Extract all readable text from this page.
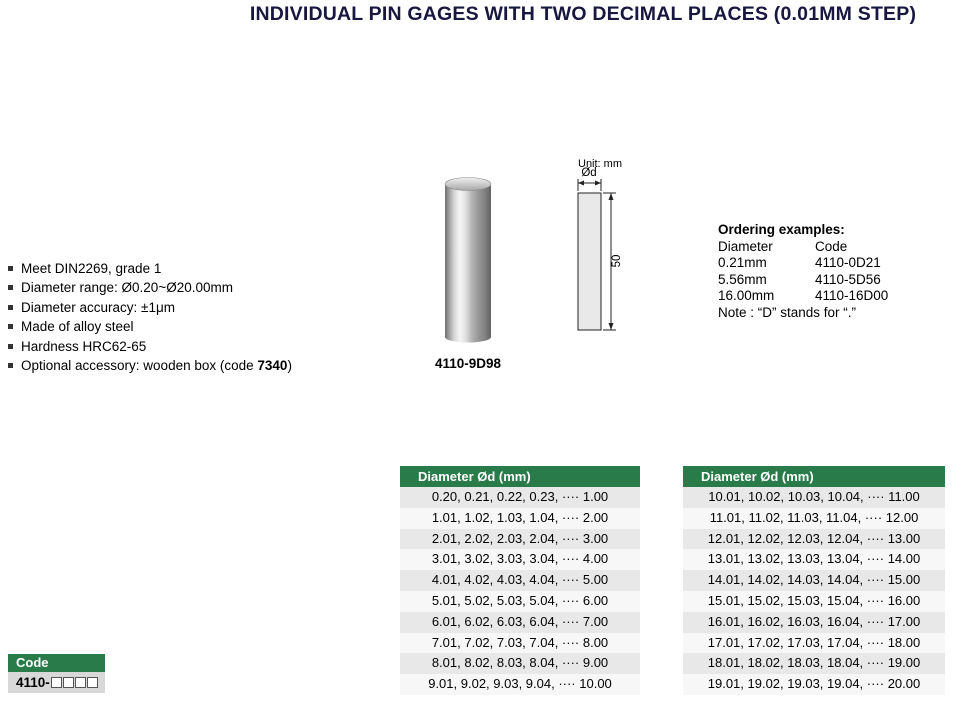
INDIVIDUAL PIN GAGES WITH TWO DECIMAL PLACES (0.01MM STEP)
Meet DIN2269, grade 1
Diameter range: Ø0.20~Ø20.00mm
Diameter accuracy: ±1μm
Made of alloy steel
Hardness HRC62-65
Optional accessory: wooden box (code 7340)	4110-9D98
Unit: mm
Ød
50
Ordering examples:
Diameter	Code
0.21mm	4110-0D21
5.56mm	4110-5D56
16.00mm	4110-16D00
Note : “D” stands for “.”
Code
4110-
Diameter Ød (mm)
0.20, 0.21, 0.22, 0.23, ···· 1.00
1.01, 1.02, 1.03, 1.04, ···· 2.00
2.01, 2.02, 2.03, 2.04, ···· 3.00
3.01, 3.02, 3.03, 3.04, ···· 4.00
4.01, 4.02, 4.03, 4.04, ···· 5.00
5.01, 5.02, 5.03, 5.04, ···· 6.00
6.01, 6.02, 6.03, 6.04, ···· 7.00
7.01, 7.02, 7.03, 7.04, ···· 8.00
8.01, 8.02, 8.03, 8.04, ···· 9.00
9.01, 9.02, 9.03, 9.04, ···· 10.00
Diameter Ød (mm)
10.01, 10.02, 10.03, 10.04, ···· 11.00
11.01, 11.02, 11.03, 11.04, ···· 12.00
12.01, 12.02, 12.03, 12.04, ···· 13.00
13.01, 13.02, 13.03, 13.04, ···· 14.00
14.01, 14.02, 14.03, 14.04, ···· 15.00
15.01, 15.02, 15.03, 15.04, ···· 16.00
16.01, 16.02, 16.03, 16.04, ···· 17.00
17.01, 17.02, 17.03, 17.04, ···· 18.00
18.01, 18.02, 18.03, 18.04, ···· 19.00
19.01, 19.02, 19.03, 19.04, ···· 20.00
